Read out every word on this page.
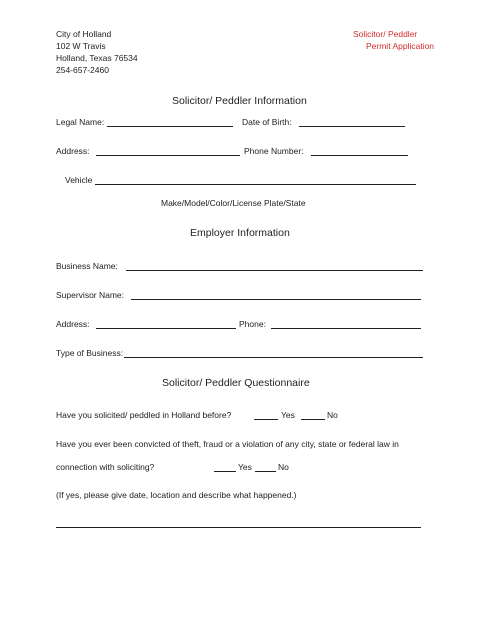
City of Holland
102 W Travis
Holland, Texas 76534
254-657-2460
Solicitor/ Peddler
Permit Application
Solicitor/ Peddler Information
Legal Name:	Date of Birth:
Address:	Phone Number:
Vehicle
Make/Model/Color/License Plate/State
Employer Information
Business Name:
Supervisor Name:
Address:	Phone:
Type of Business:
Solicitor/ Peddler Questionnaire
Have you solicited/ peddled in Holland before?	Yes	No
Have you ever been convicted of theft, fraud or a violation of any city, state or federal law in
connection with soliciting?	Yes	No
(If yes, please give date, location and describe what happened.)
